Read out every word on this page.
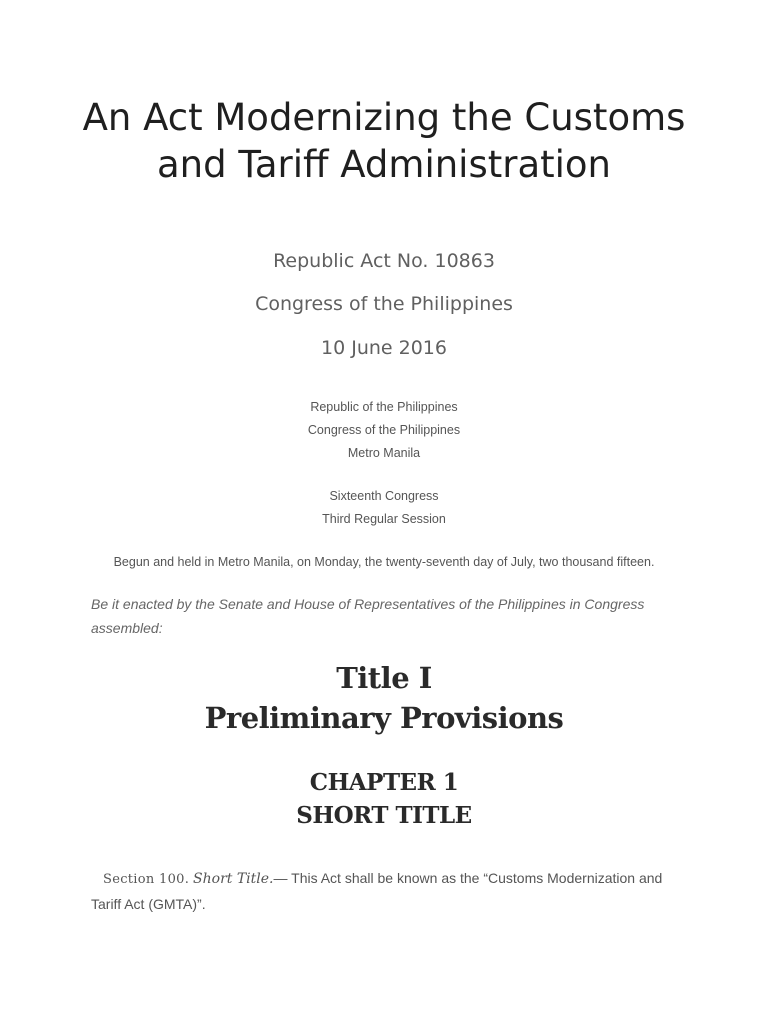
An Act Modernizing the Customs and Tariff Administration
Republic Act No. 10863
Congress of the Philippines
10 June 2016
Republic of the Philippines
Congress of the Philippines
Metro Manila
Sixteenth Congress
Third Regular Session
Begun and held in Metro Manila, on Monday, the twenty-seventh day of July, two thousand fifteen.
Be it enacted by the Senate and House of Representatives of the Philippines in Congress assembled:
Title I
Preliminary Provisions
CHAPTER 1
SHORT TITLE
Section 100. Short Title.— This Act shall be known as the “Customs Modernization and Tariff Act (GMTA)”.
